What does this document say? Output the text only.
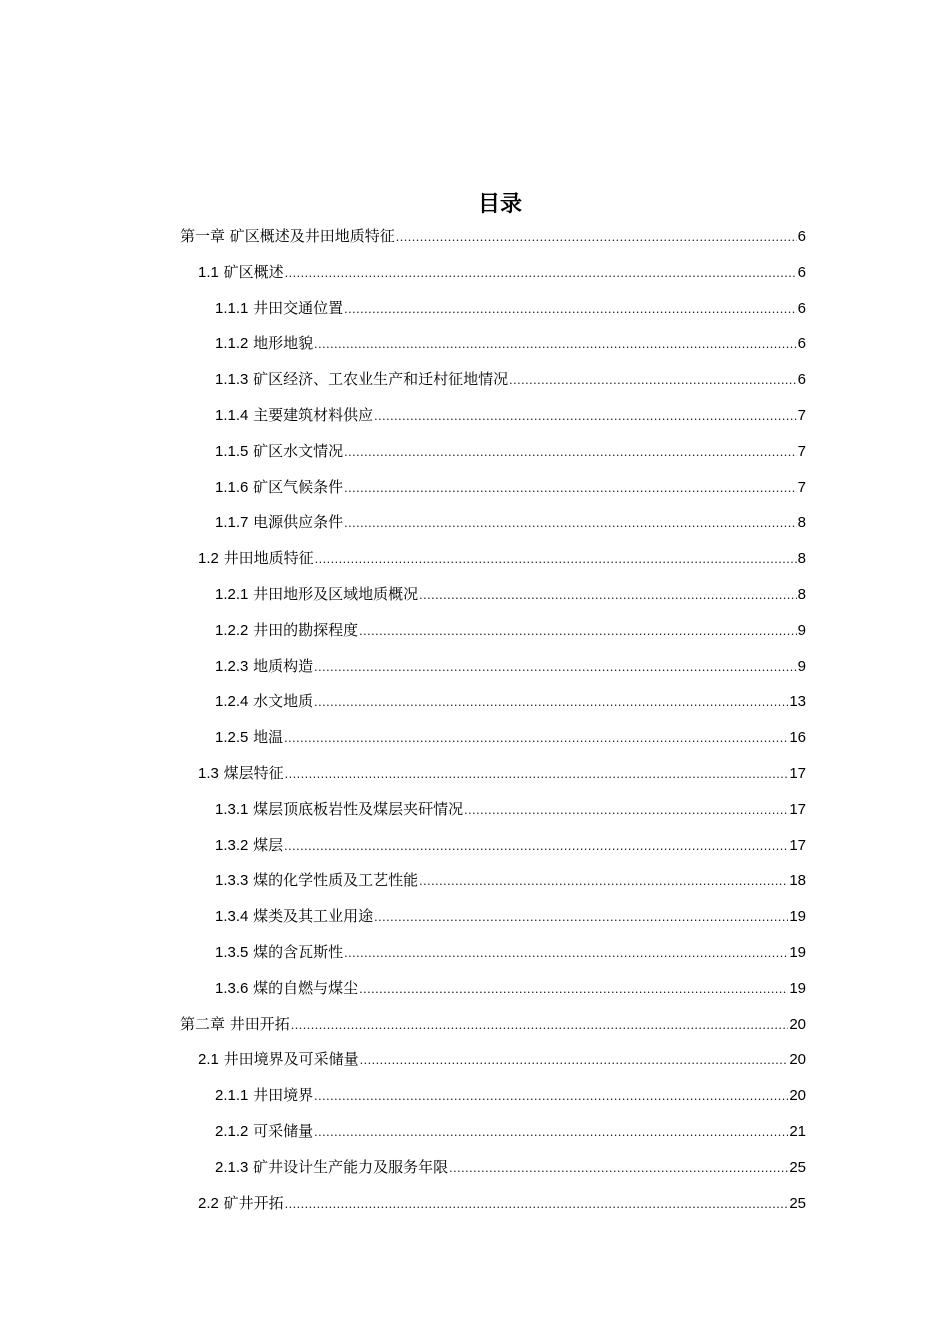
目录
第一章 矿区概述及井田地质特征 .....	6
1.1 矿区概述 .....	6
1.1.1 井田交通位置 .....	6
1.1.2 地形地貌 .....	6
1.1.3 矿区经济、工农业生产和迁村征地情况 .....	6
1.1.4 主要建筑材料供应 .....	7
1.1.5 矿区水文情况 .....	7
1.1.6 矿区气候条件 .....	7
1.1.7 电源供应条件 .....	8
1.2 井田地质特征 .....	8
1.2.1 井田地形及区域地质概况 .....	8
1.2.2 井田的勘探程度 .....	9
1.2.3 地质构造 .....	9
1.2.4 水文地质 .....	13
1.2.5 地温 .....	16
1.3 煤层特征 .....	17
1.3.1 煤层顶底板岩性及煤层夹矸情况 .....	17
1.3.2 煤层 .....	17
1.3.3 煤的化学性质及工艺性能 .....	18
1.3.4 煤类及其工业用途 .....	19
1.3.5 煤的含瓦斯性 .....	19
1.3.6 煤的自燃与煤尘 .....	19
第二章 井田开拓 .....	20
2.1 井田境界及可采储量 .....	20
2.1.1 井田境界 .....	20
2.1.2 可采储量 .....	21
2.1.3 矿井设计生产能力及服务年限 .....	25
2.2 矿井开拓 .....	25
